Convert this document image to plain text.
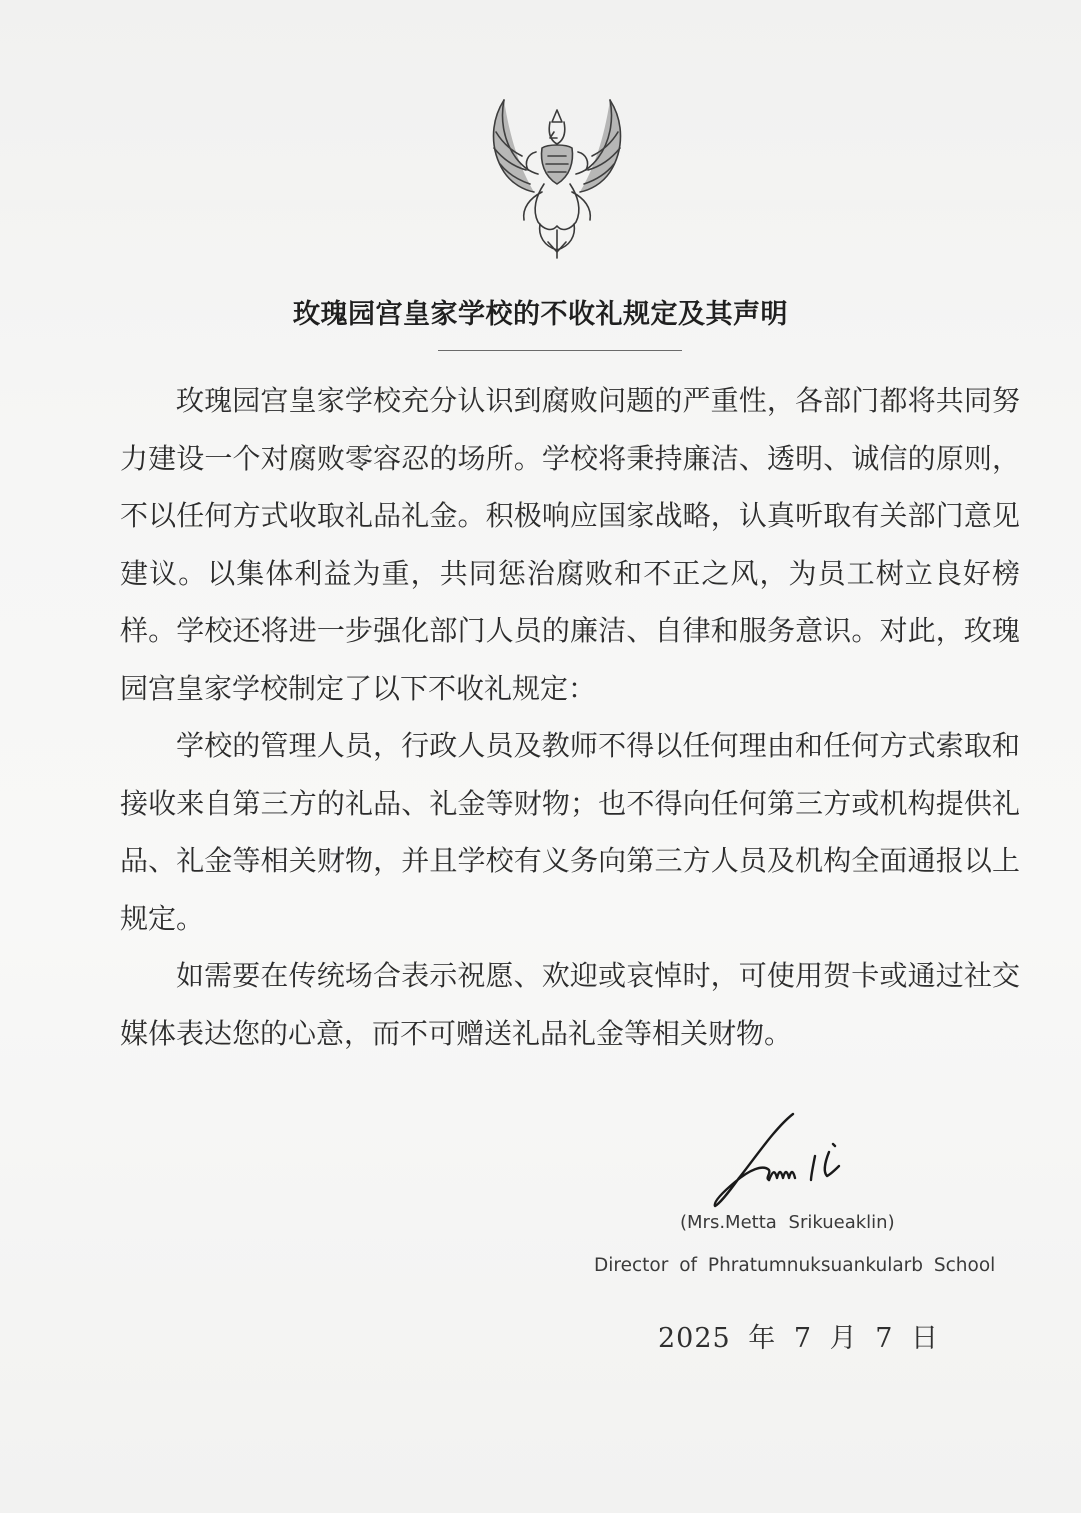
玫瑰园宫皇家学校的不收礼规定及其声明

玫瑰园宫皇家学校充分认识到腐败问题的严重性，各部门都将共同努力建设一个对腐败零容忍的场所。学校将秉持廉洁、透明、诚信的原则，不以任何方式收取礼品礼金。积极响应国家战略，认真听取有关部门意见建议。以集体利益为重，共同惩治腐败和不正之风，为员工树立良好榜样。学校还将进一步强化部门人员的廉洁、自律和服务意识。对此，玫瑰园宫皇家学校制定了以下不收礼规定：

学校的管理人员，行政人员及教师不得以任何理由和任何方式索取和接收来自第三方的礼品、礼金等财物；也不得向任何第三方或机构提供礼品、礼金等相关财物，并且学校有义务向第三方人员及机构全面通报以上规定。

如需要在传统场合表示祝愿、欢迎或哀悼时，可使用贺卡或通过社交媒体表达您的心意，而不可赠送礼品礼金等相关财物。

(Mrs.Metta Srikueaklin)
Director of Phratumnuksuankularb School
2025 年 7 月 7 日
